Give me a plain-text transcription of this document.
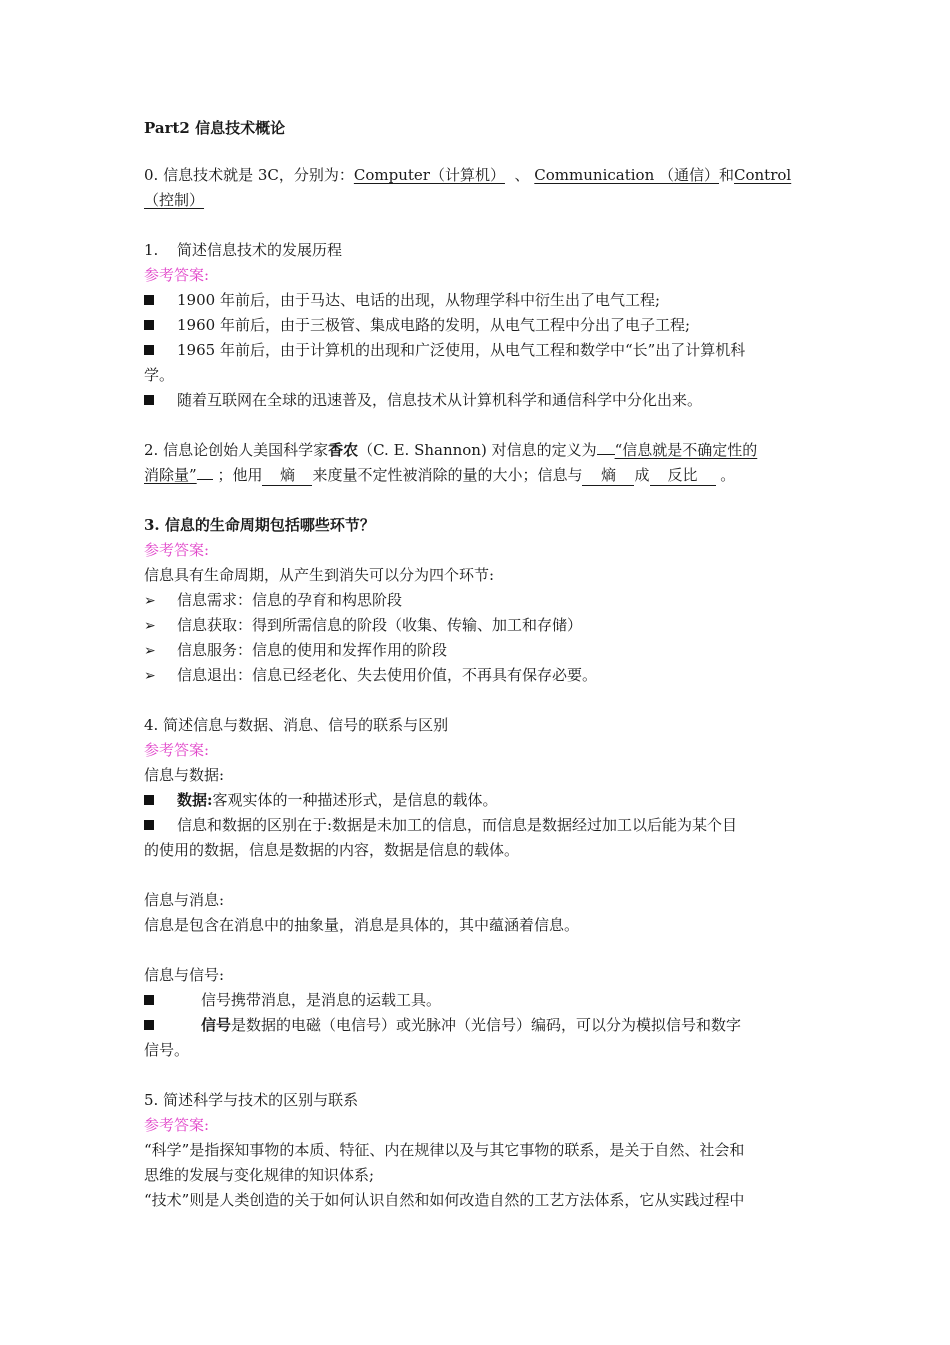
Part2 信息技术概论
0. 信息技术就是 3C，分别为：Computer（计算机） 、 Communication （通信）和Control
（控制）
1. 简述信息技术的发展历程
参考答案:
1900 年前后，由于马达、电话的出现，从物理学科中衍生出了电气工程;
1960 年前后，由于三极管、集成电路的发明，从电气工程中分出了电子工程;
1965 年前后，由于计算机的出现和广泛使用，从电气工程和数学中“长”出了计算机科
学。
随着互联网在全球的迅速普及，信息技术从计算机科学和通信科学中分化出来。
2. 信息论创始人美国科学家香农（C. E. Shannon) 对信息的定义为 “信息就是不确定性的
消除量” ；他用 熵 来度量不定性被消除的量的大小；信息与 熵 成 反比 。
3. 信息的生命周期包括哪些环节？
参考答案:
信息具有生命周期，从产生到消失可以分为四个环节:
➢ 信息需求：信息的孕育和构思阶段
➢ 信息获取：得到所需信息的阶段（收集、传输、加工和存储）
➢ 信息服务：信息的使用和发挥作用的阶段
➢ 信息退出：信息已经老化、失去使用价值，不再具有保存必要。
4. 简述信息与数据、消息、信号的联系与区别
参考答案:
信息与数据:
数据:客观实体的一种描述形式，是信息的载体。
信息和数据的区别在于:数据是未加工的信息，而信息是数据经过加工以后能为某个目
的使用的数据，信息是数据的内容，数据是信息的载体。
信息与消息:
信息是包含在消息中的抽象量，消息是具体的，其中蕴涵着信息。
信息与信号:
信号携带消息，是消息的运载工具。
信号是数据的电磁（电信号）或光脉冲（光信号）编码，可以分为模拟信号和数字
信号。
5. 简述科学与技术的区别与联系
参考答案:
“科学”是指探知事物的本质、特征、内在规律以及与其它事物的联系，是关于自然、社会和
思维的发展与变化规律的知识体系;
“技术”则是人类创造的关于如何认识自然和如何改造自然的工艺方法体系，它从实践过程中
